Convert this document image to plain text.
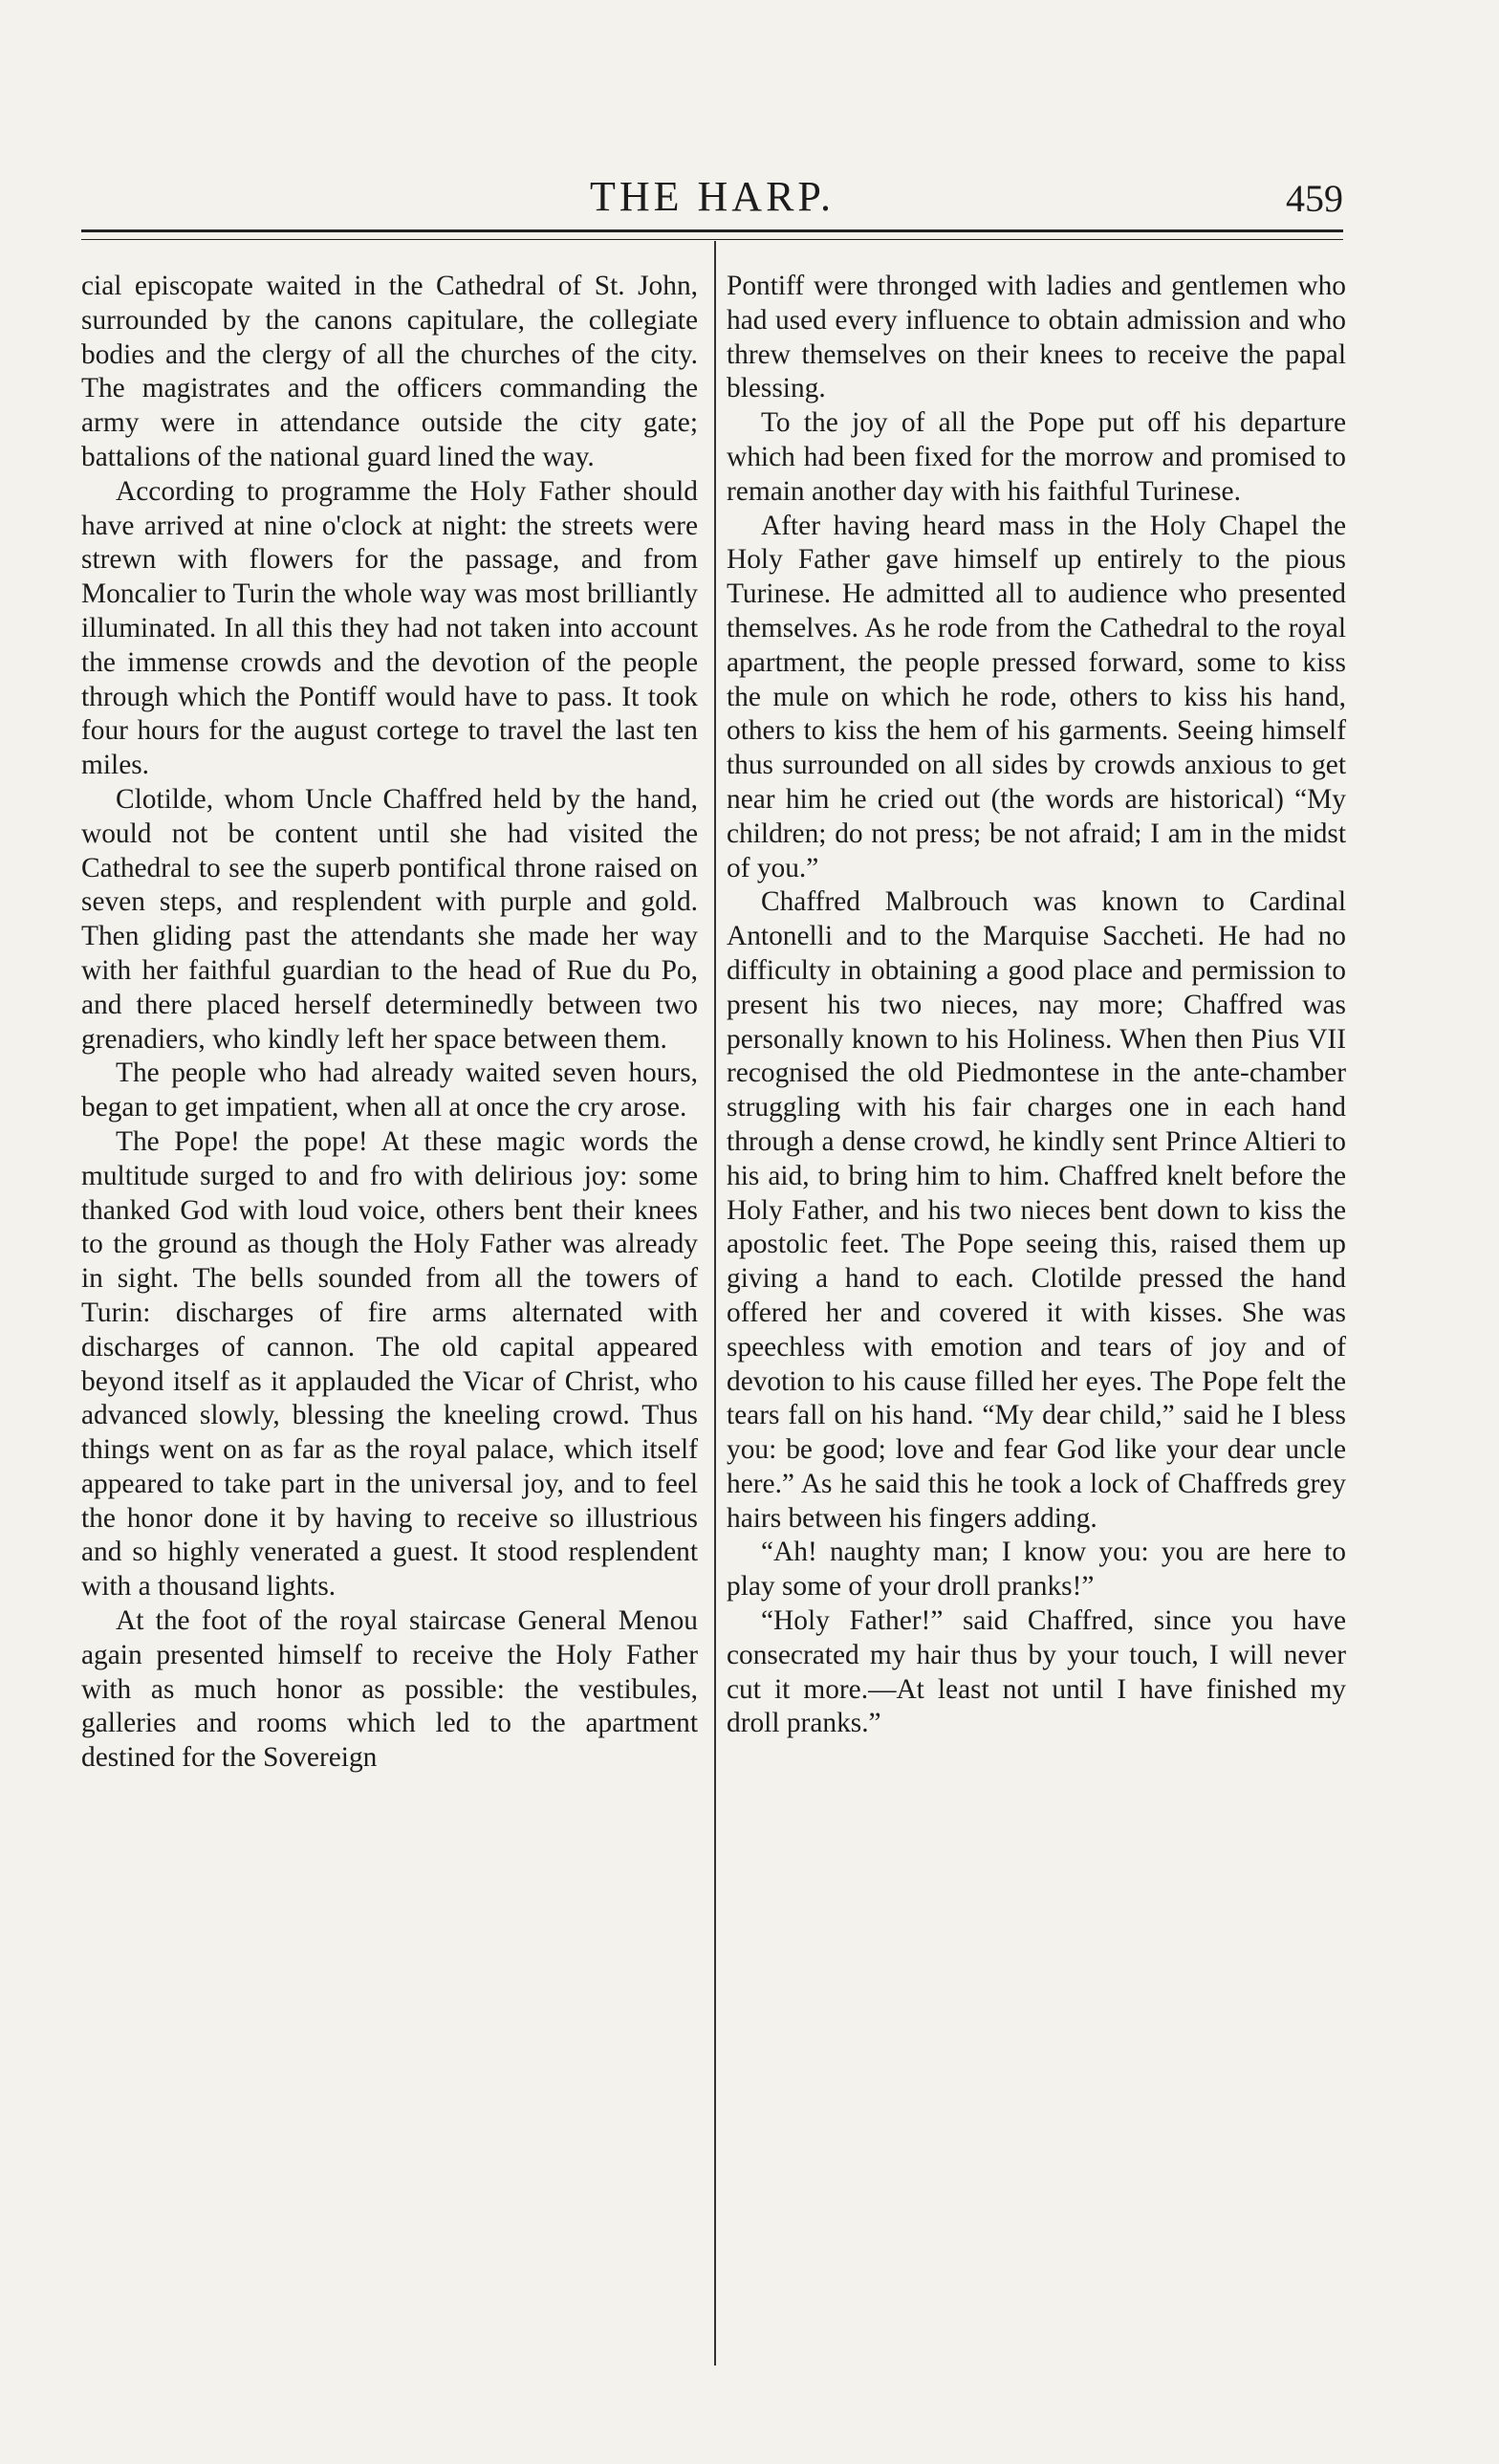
THE HARP.	459

cial episcopate waited in the Cathedral of St. John, surrounded by the canons capitulare, the collegiate bodies and the clergy of all the churches of the city. The magistrates and the officers commanding the army were in attendance outside the city gate; battalions of the national guard lined the way.

According to programme the Holy Father should have arrived at nine o'clock at night: the streets were strewn with flowers for the passage, and from Moncalier to Turin the whole way was most brilliantly illuminated. In all this they had not taken into account the immense crowds and the devotion of the people through which the Pontiff would have to pass. It took four hours for the august cortege to travel the last ten miles.

Clotilde, whom Uncle Chaffred held by the hand, would not be content until she had visited the Cathedral to see the superb pontifical throne raised on seven steps, and resplendent with purple and gold. Then gliding past the attendants she made her way with her faithful guardian to the head of Rue du Po, and there placed herself determinedly between two grenadiers, who kindly left her space between them.

The people who had already waited seven hours, began to get impatient, when all at once the cry arose.

The Pope! the pope! At these magic words the multitude surged to and fro with delirious joy: some thanked God with loud voice, others bent their knees to the ground as though the Holy Father was already in sight. The bells sounded from all the towers of Turin: discharges of fire arms alternated with discharges of cannon. The old capital appeared beyond itself as it applauded the Vicar of Christ, who advanced slowly, blessing the kneeling crowd. Thus things went on as far as the royal palace, which itself appeared to take part in the universal joy, and to feel the honor done it by having to receive so illustrious and so highly venerated a guest. It stood resplendent with a thousand lights.

At the foot of the royal staircase General Menou again presented himself to receive the Holy Father with as much honor as possible: the vestibules, galleries and rooms which led to the apartment destined for the Sovereign

Pontiff were thronged with ladies and gentlemen who had used every influence to obtain admission and who threw themselves on their knees to receive the papal blessing.

To the joy of all the Pope put off his departure which had been fixed for the morrow and promised to remain another day with his faithful Turinese.

After having heard mass in the Holy Chapel the Holy Father gave himself up entirely to the pious Turinese. He admitted all to audience who presented themselves. As he rode from the Cathedral to the royal apartment, the people pressed forward, some to kiss the mule on which he rode, others to kiss his hand, others to kiss the hem of his garments. Seeing himself thus surrounded on all sides by crowds anxious to get near him he cried out (the words are historical) “My children; do not press; be not afraid; I am in the midst of you.”

Chaffred Malbrouch was known to Cardinal Antonelli and to the Marquise Saccheti. He had no difficulty in obtaining a good place and permission to present his two nieces, nay more; Chaffred was personally known to his Holiness. When then Pius VII recognised the old Piedmontese in the ante-chamber struggling with his fair charges one in each hand through a dense crowd, he kindly sent Prince Altieri to his aid, to bring him to him. Chaffred knelt before the Holy Father, and his two nieces bent down to kiss the apostolic feet. The Pope seeing this, raised them up giving a hand to each. Clotilde pressed the hand offered her and covered it with kisses. She was speechless with emotion and tears of joy and of devotion to his cause filled her eyes. The Pope felt the tears fall on his hand. “My dear child,” said he I bless you: be good; love and fear God like your dear uncle here.” As he said this he took a lock of Chaffreds grey hairs between his fingers adding.

“Ah! naughty man; I know you: you are here to play some of your droll pranks!”

“Holy Father!” said Chaffred, since you have consecrated my hair thus by your touch, I will never cut it more.—At least not until I have finished my droll pranks.”
